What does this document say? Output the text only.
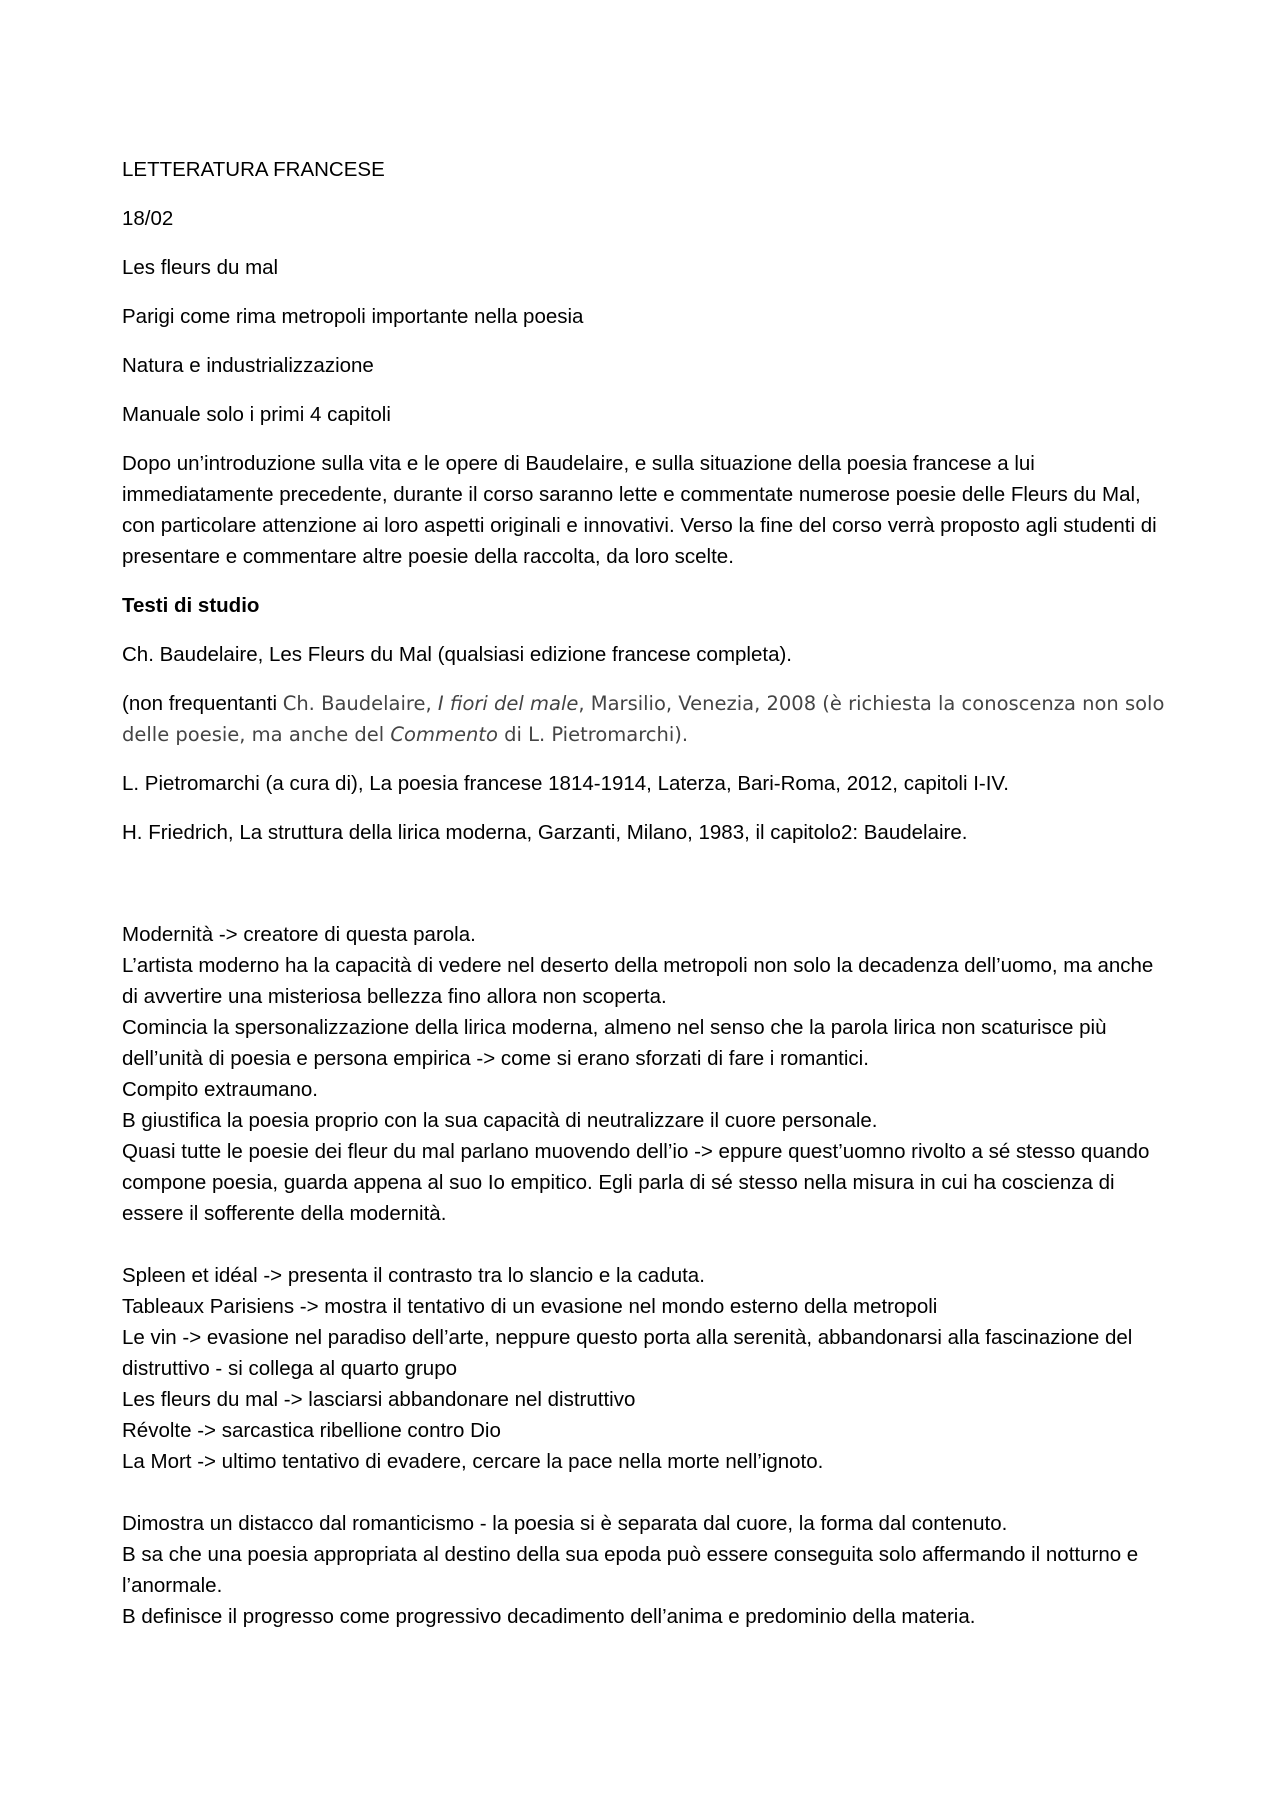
LETTERATURA FRANCESE

18/02

Les fleurs du mal

Parigi come rima metropoli importante nella poesia

Natura e industrializzazione

Manuale solo i primi 4 capitoli

Dopo un’introduzione sulla vita e le opere di Baudelaire, e sulla situazione della poesia francese a lui immediatamente precedente, durante il corso saranno lette e commentate numerose poesie delle Fleurs du Mal, con particolare attenzione ai loro aspetti originali e innovativi. Verso la fine del corso verrà proposto agli studenti di presentare e commentare altre poesie della raccolta, da loro scelte.

Testi di studio

Ch. Baudelaire, Les Fleurs du Mal (qualsiasi edizione francese completa).

(non frequentanti Ch. Baudelaire, I fiori del male, Marsilio, Venezia, 2008 (è richiesta la conoscenza non solo delle poesie, ma anche del Commento di L. Pietromarchi).

L. Pietromarchi (a cura di), La poesia francese 1814-1914, Laterza, Bari-Roma, 2012, capitoli I-IV.

H. Friedrich, La struttura della lirica moderna, Garzanti, Milano, 1983, il capitolo2: Baudelaire.

Modernità -> creatore di questa parola.

L’artista moderno ha la capacità di vedere nel deserto della metropoli non solo la decadenza dell’uomo, ma anche di avvertire una misteriosa bellezza fino allora non scoperta.

Comincia la spersonalizzazione della lirica moderna, almeno nel senso che la parola lirica non scaturisce più dell’unità di poesia e persona empirica -> come si erano sforzati di fare i romantici.

Compito extraumano.

B giustifica la poesia proprio con la sua capacità di neutralizzare il cuore personale.

Quasi tutte le poesie dei fleur du mal parlano muovendo dell’io -> eppure quest’uomno rivolto a sé stesso quando compone poesia, guarda appena al suo Io empitico. Egli parla di sé stesso nella misura in cui ha coscienza di essere il sofferente della modernità.

Spleen et idéal -> presenta il contrasto tra lo slancio e la caduta.

Tableaux Parisiens -> mostra il tentativo di un evasione nel mondo esterno della metropoli

Le vin -> evasione nel paradiso dell’arte, neppure questo porta alla serenità, abbandonarsi alla fascinazione del distruttivo - si collega al quarto grupo

Les fleurs du mal -> lasciarsi abbandonare nel distruttivo

Révolte -> sarcastica ribellione contro Dio

La Mort -> ultimo tentativo di evadere, cercare la pace nella morte nell’ignoto.

Dimostra un distacco dal romanticismo - la poesia si è separata dal cuore, la forma dal contenuto.

B sa che una poesia appropriata al destino della sua epoda può essere conseguita solo affermando il notturno e l’anormale.

B definisce il progresso come progressivo decadimento dell’anima e predominio della materia.
